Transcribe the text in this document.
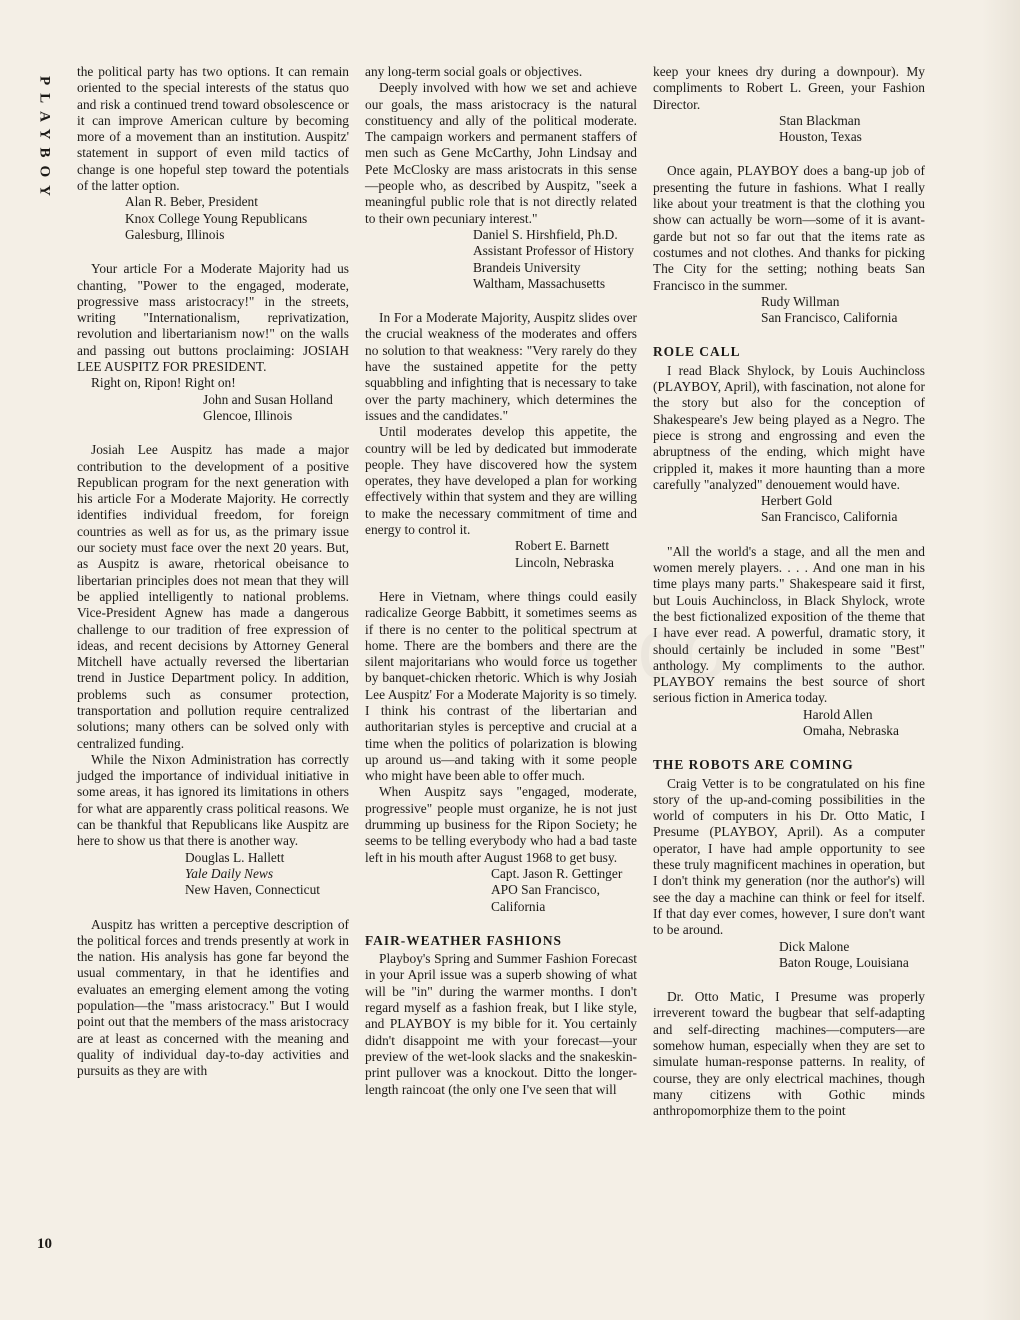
PLAYBOY

the political party has two options. It can remain oriented to the special interests of the status quo and risk a continued trend toward obsolescence or it can improve American culture by becoming more of a movement than an institution. Auspitz' statement in support of even mild tactics of change is one hopeful step toward the potentials of the latter option.

Alan R. Beber, President
Knox College Young Republicans
Galesburg, Illinois

Your article For a Moderate Majority had us chanting, "Power to the engaged, moderate, progressive mass aristocracy!" in the streets, writing "Internationalism, reprivatization, revolution and libertarianism now!" on the walls and passing out buttons proclaiming: JOSIAH LEE AUSPITZ FOR PRESIDENT.

Right on, Ripon! Right on!

John and Susan Holland
Glencoe, Illinois

Josiah Lee Auspitz has made a major contribution to the development of a positive Republican program for the next generation with his article For a Moderate Majority. He correctly identifies individual freedom, for foreign countries as well as for us, as the primary issue our society must face over the next 20 years. But, as Auspitz is aware, rhetorical obeisance to libertarian principles does not mean that they will be applied intelligently to national problems. Vice-President Agnew has made a dangerous challenge to our tradition of free expression of ideas, and recent decisions by Attorney General Mitchell have actually reversed the libertarian trend in Justice Department policy. In addition, problems such as consumer protection, transportation and pollution require centralized solutions; many others can be solved only with centralized funding.

While the Nixon Administration has correctly judged the importance of individual initiative in some areas, it has ignored its limitations in others for what are apparently crass political reasons. We can be thankful that Republicans like Auspitz are here to show us that there is another way.

Douglas L. Hallett
Yale Daily News
New Haven, Connecticut

Auspitz has written a perceptive description of the political forces and trends presently at work in the nation. His analysis has gone far beyond the usual commentary, in that he identifies and evaluates an emerging element among the voting population—the "mass aristocracy." But I would point out that the members of the mass aristocracy are at least as concerned with the meaning and quality of individual day-to-day activities and pursuits as they are with

any long-term social goals or objectives.

Deeply involved with how we set and achieve our goals, the mass aristocracy is the natural constituency and ally of the political moderate. The campaign workers and permanent staffers of men such as Gene McCarthy, John Lindsay and Pete McClosky are mass aristocrats in this sense—people who, as described by Auspitz, "seek a meaningful public role that is not directly related to their own pecuniary interest."

Daniel S. Hirshfield, Ph.D.
Assistant Professor of History
Brandeis University
Waltham, Massachusetts

In For a Moderate Majority, Auspitz slides over the crucial weakness of the moderates and offers no solution to that weakness: "Very rarely do they have the sustained appetite for the petty squabbling and infighting that is necessary to take over the party machinery, which determines the issues and the candidates."

Until moderates develop this appetite, the country will be led by dedicated but immoderate people. They have discovered how the system operates, they have developed a plan for working effectively within that system and they are willing to make the necessary commitment of time and energy to control it.

Robert E. Barnett
Lincoln, Nebraska

Here in Vietnam, where things could easily radicalize George Babbitt, it sometimes seems as if there is no center to the political spectrum at home. There are the bombers and there are the silent majoritarians who would force us together by banquet-chicken rhetoric. Which is why Josiah Lee Auspitz' For a Moderate Majority is so timely. I think his contrast of the libertarian and authoritarian styles is perceptive and crucial at a time when the politics of polarization is blowing up around us—and taking with it some people who might have been able to offer much.

When Auspitz says "engaged, moderate, progressive" people must organize, he is not just drumming up business for the Ripon Society; he seems to be telling everybody who had a bad taste left in his mouth after August 1968 to get busy.

Capt. Jason R. Gettinger
APO San Francisco, California
FAIR-WEATHER FASHIONS

Playboy's Spring and Summer Fashion Forecast in your April issue was a superb showing of what will be "in" during the warmer months. I don't regard myself as a fashion freak, but I like style, and PLAYBOY is my bible for it. You certainly didn't disappoint me with your forecast—your preview of the wet-look slacks and the snakeskin-print pullover was a knockout. Ditto the longer-length raincoat (the only one I've seen that will

keep your knees dry during a downpour). My compliments to Robert L. Green, your Fashion Director.

Stan Blackman
Houston, Texas

Once again, PLAYBOY does a bang-up job of presenting the future in fashions. What I really like about your treatment is that the clothing you show can actually be worn—some of it is avant-garde but not so far out that the items rate as costumes and not clothes. And thanks for picking The City for the setting; nothing beats San Francisco in the summer.

Rudy Willman
San Francisco, California
ROLE CALL

I read Black Shylock, by Louis Auchincloss (PLAYBOY, April), with fascination, not alone for the story but also for the conception of Shakespeare's Jew being played as a Negro. The piece is strong and engrossing and even the abruptness of the ending, which might have crippled it, makes it more haunting than a more carefully "analyzed" denouement would have.

Herbert Gold
San Francisco, California

"All the world's a stage, and all the men and women merely players. . . . And one man in his time plays many parts." Shakespeare said it first, but Louis Auchincloss, in Black Shylock, wrote the best fictionalized exposition of the theme that I have ever read. A powerful, dramatic story, it should certainly be included in some "Best" anthology. My compliments to the author. PLAYBOY remains the best source of short serious fiction in America today.

Harold Allen
Omaha, Nebraska
THE ROBOTS ARE COMING

Craig Vetter is to be congratulated on his fine story of the up-and-coming possibilities in the world of computers in his Dr. Otto Matic, I Presume (PLAYBOY, April). As a computer operator, I have had ample opportunity to see these truly magnificent machines in operation, but I don't think my generation (nor the author's) will see the day a machine can think or feel for itself. If that day ever comes, however, I sure don't want to be around.

Dick Malone
Baton Rouge, Louisiana

Dr. Otto Matic, I Presume was properly irreverent toward the bugbear that self-adapting and self-directing machines—computers—are somehow human, especially when they are set to simulate human-response patterns. In reality, of course, they are only electrical machines, though many citizens with Gothic minds anthropomorphize them to the point

10
